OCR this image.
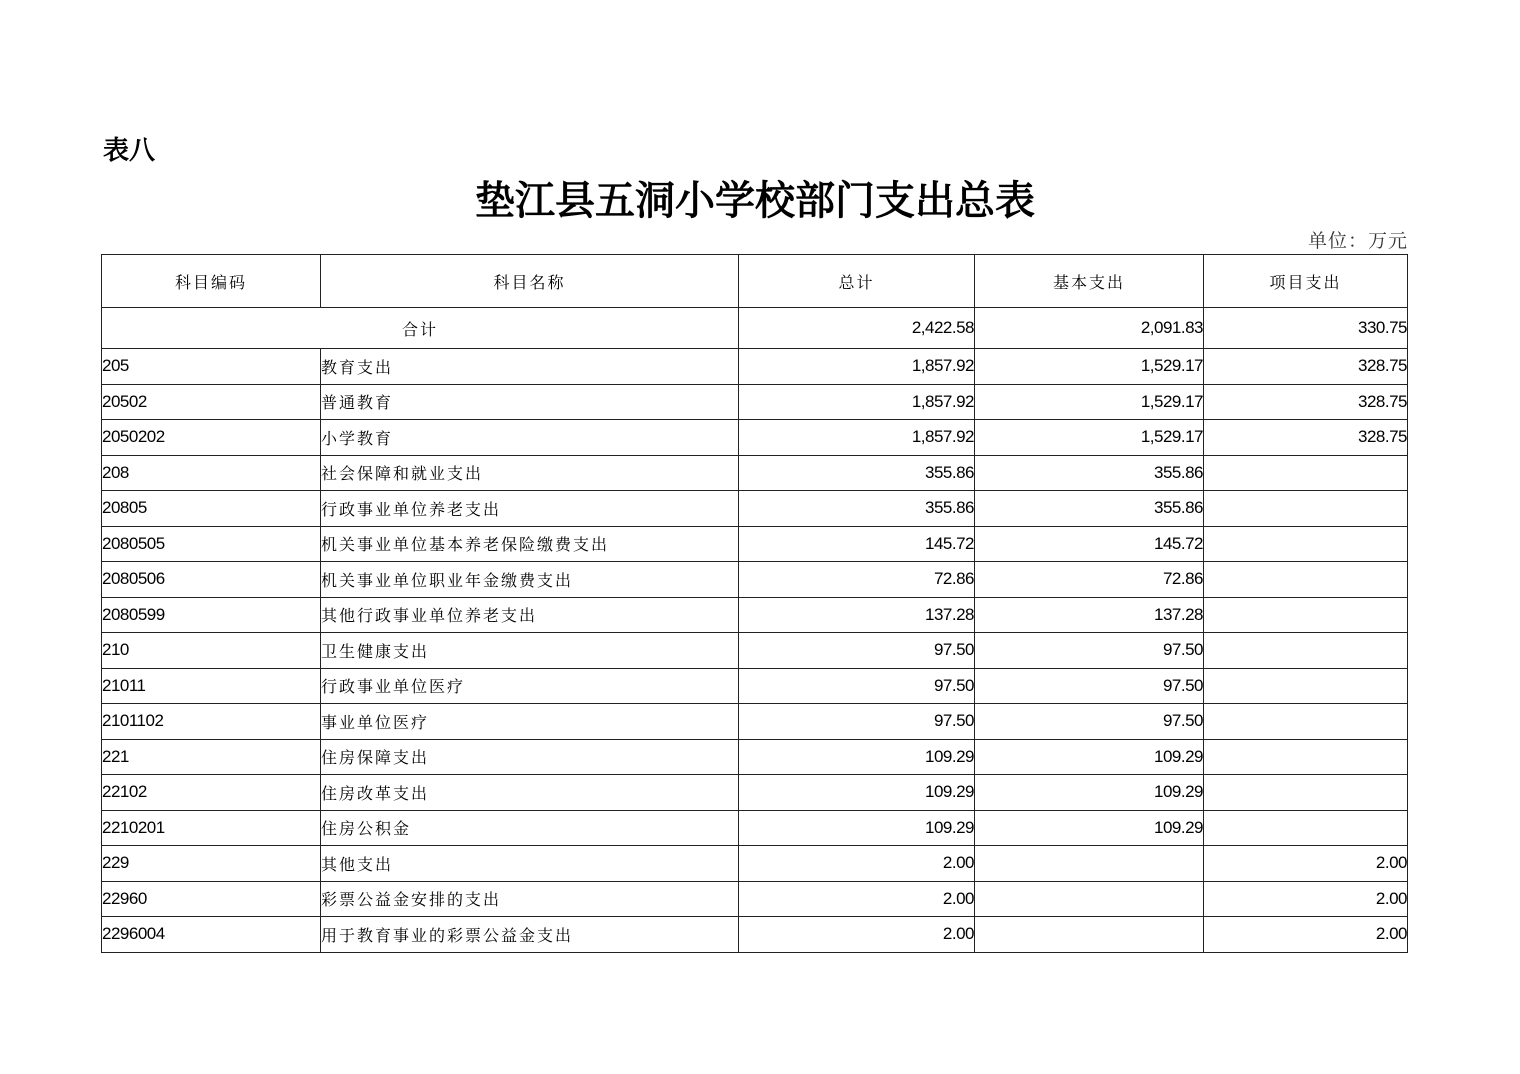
表八
垫江县五洞小学校部门支出总表
单位：万元
科目编码	科目名称	总计	基本支出	项目支出
合计		2,422.58	2,091.83	330.75
205	教育支出	1,857.92	1,529.17	328.75
20502	普通教育	1,857.92	1,529.17	328.75
2050202	小学教育	1,857.92	1,529.17	328.75
208	社会保障和就业支出	355.86	355.86	
20805	行政事业单位养老支出	355.86	355.86	
2080505	机关事业单位基本养老保险缴费支出	145.72	145.72	
2080506	机关事业单位职业年金缴费支出	72.86	72.86	
2080599	其他行政事业单位养老支出	137.28	137.28	
210	卫生健康支出	97.50	97.50	
21011	行政事业单位医疗	97.50	97.50	
2101102	事业单位医疗	97.50	97.50	
221	住房保障支出	109.29	109.29	
22102	住房改革支出	109.29	109.29	
2210201	住房公积金	109.29	109.29	
229	其他支出	2.00		2.00
22960	彩票公益金安排的支出	2.00		2.00
2296004	用于教育事业的彩票公益金支出	2.00		2.00
